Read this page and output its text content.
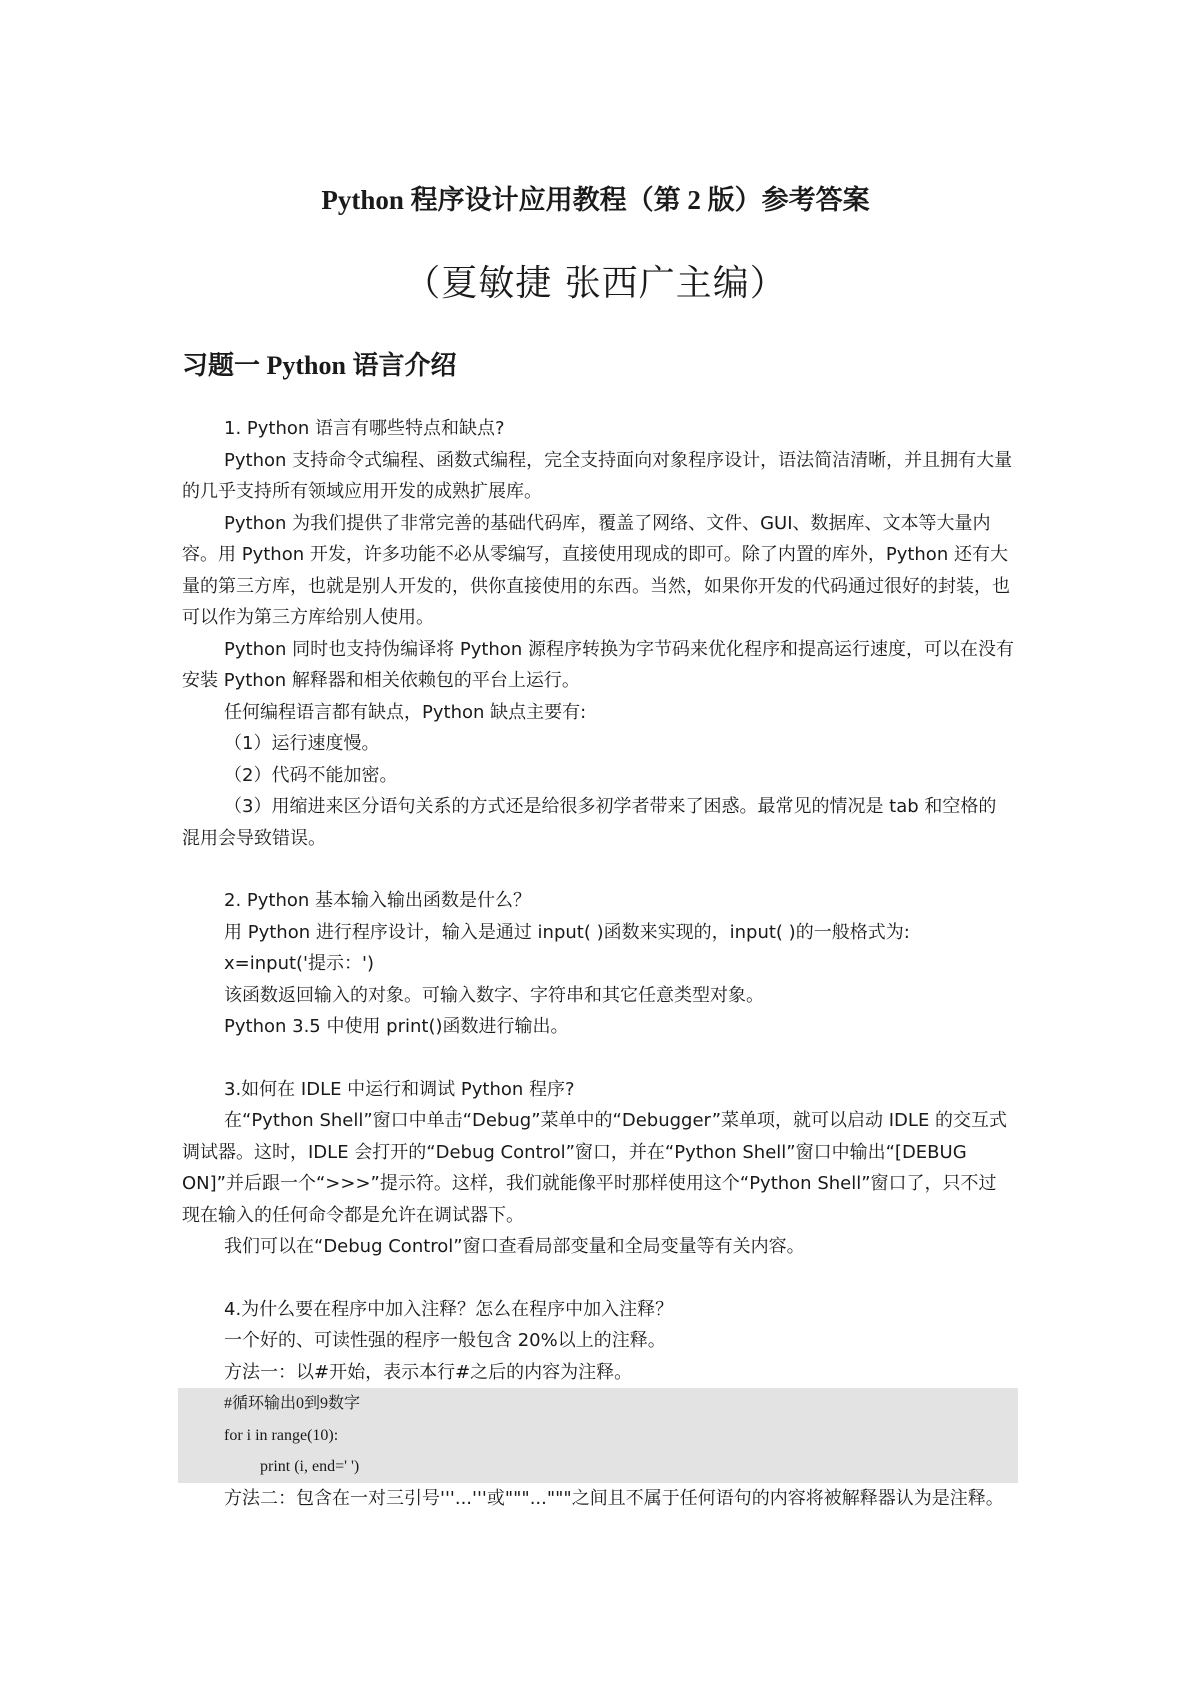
Python 程序设计应用教程（第 2 版）参考答案
（夏敏捷 张西广主编）
习题一 Python 语言介绍

1. Python 语言有哪些特点和缺点?

Python 支持命令式编程、函数式编程，完全支持面向对象程序设计，语法简洁清晰，并且拥有大量的几乎支持所有领域应用开发的成熟扩展库。

Python 为我们提供了非常完善的基础代码库，覆盖了网络、文件、GUI、数据库、文本等大量内容。用 Python 开发，许多功能不必从零编写，直接使用现成的即可。除了内置的库外，Python 还有大量的第三方库，也就是别人开发的，供你直接使用的东西。当然，如果你开发的代码通过很好的封装，也可以作为第三方库给别人使用。

Python 同时也支持伪编译将 Python 源程序转换为字节码来优化程序和提高运行速度，可以在没有安装 Python 解释器和相关依赖包的平台上运行。

任何编程语言都有缺点，Python 缺点主要有:

（1）运行速度慢。

（2）代码不能加密。

（3）用缩进来区分语句关系的方式还是给很多初学者带来了困惑。最常见的情况是 tab 和空格的混用会导致错误。

2. Python 基本输入输出函数是什么？

用 Python 进行程序设计，输入是通过 input( )函数来实现的，input( )的一般格式为:

x=input('提示：')

该函数返回输入的对象。可输入数字、字符串和其它任意类型对象。

Python 3.5 中使用 print()函数进行输出。

3.如何在 IDLE 中运行和调试 Python 程序?

在“Python Shell”窗口中单击“Debug”菜单中的“Debugger”菜单项，就可以启动 IDLE 的交互式调试器。这时，IDLE 会打开的“Debug Control”窗口，并在“Python Shell”窗口中输出“[DEBUG ON]”并后跟一个“>>>”提示符。这样，我们就能像平时那样使用这个“Python Shell”窗口了，只不过现在输入的任何命令都是允许在调试器下。

我们可以在“Debug Control”窗口查看局部变量和全局变量等有关内容。

4.为什么要在程序中加入注释？怎么在程序中加入注释？

一个好的、可读性强的程序一般包含 20%以上的注释。

方法一：以#开始，表示本行#之后的内容为注释。

#循环输出0到9数字
for i in range(10):
print (i, end=' ')

方法二：包含在一对三引号'''...'''或"""..."""之间且不属于任何语句的内容将被解释器认为是注释。
